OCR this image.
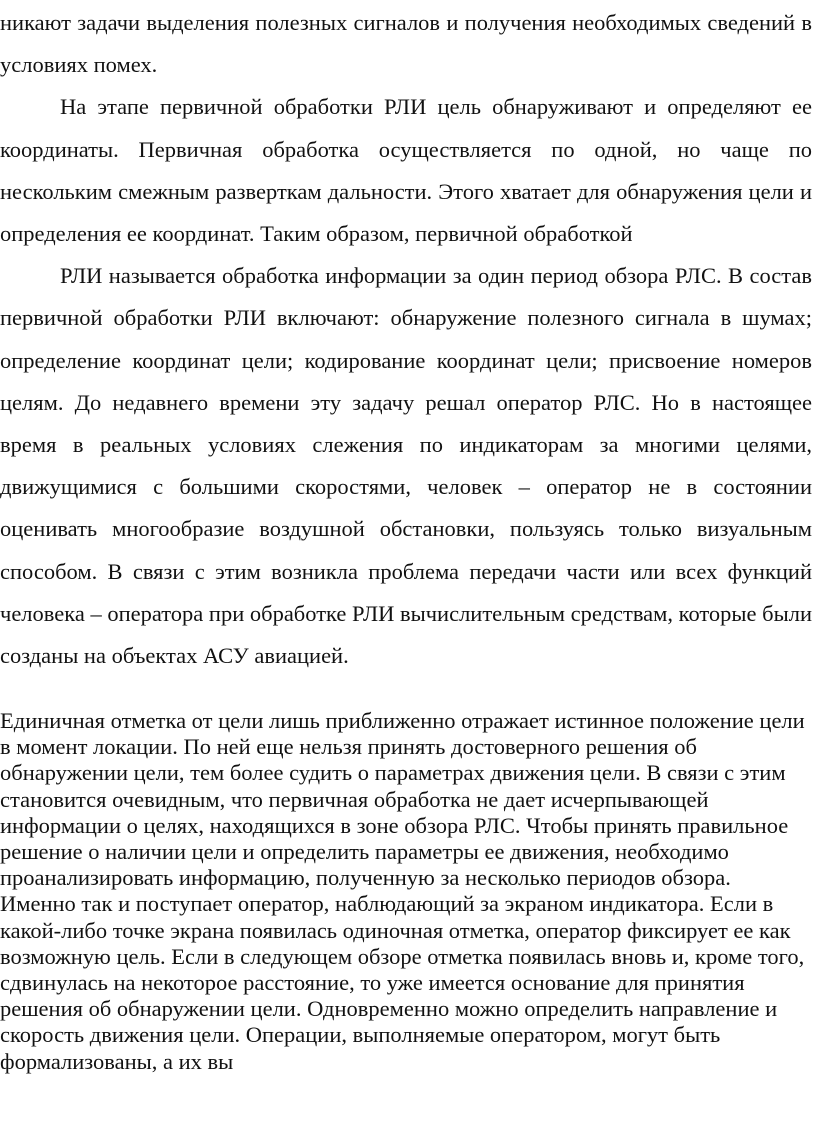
никают задачи выделения полезных сигналов и получения необходимых сведений в условиях помех.

На этапе первичной обработки РЛИ цель обнаруживают и определяют ее координаты. Первичная обработка осуществляется по одной, но чаще по нескольким смежным разверткам дальности. Этого хватает для обнаружения цели и определения ее координат. Таким образом, первичной обработкой

РЛИ называется обработка информации за один период обзора РЛС. В состав первичной обработки РЛИ включают: обнаружение полезного сигнала в шумах; определение координат цели; кодирование координат цели; присвоение номеров целям. До недавнего времени эту задачу решал оператор РЛС. Но в настоящее время в реальных условиях слежения по индикаторам за многими целями, движущимися с большими скоростями, человек – оператор не в состоянии оценивать многообразие воздушной обстановки, пользуясь только визуальным способом. В связи с этим возникла проблема передачи части или всех функций человека – оператора при обработке РЛИ вычислительным средствам, которые были созданы на объектах АСУ авиацией.

Единичная отметка от цели лишь приближенно отражает истинное положение цели в момент локации. По ней еще нельзя принять достоверного решения об обнаружении цели, тем более судить о параметрах движения цели. В связи с этим становится очевидным, что первичная обработка не дает исчерпывающей информации о целях, находящихся в зоне обзора РЛС. Чтобы принять правильное решение о наличии цели и определить параметры ее движения, необходимо проанализировать информацию, полученную за несколько периодов обзора. Именно так и поступает оператор, наблюдающий за экраном индикатора. Если в какой-либо точке экрана появилась одиночная отметка, оператор фиксирует ее как возможную цель. Если в следующем обзоре отметка появилась вновь и, кроме того, сдвинулась на некоторое расстояние, то уже имеется основание для принятия решения об обнаружении цели. Одновременно можно определить направление и скорость движения цели. Операции, выполняемые оператором, могут быть формализованы, а их вы
